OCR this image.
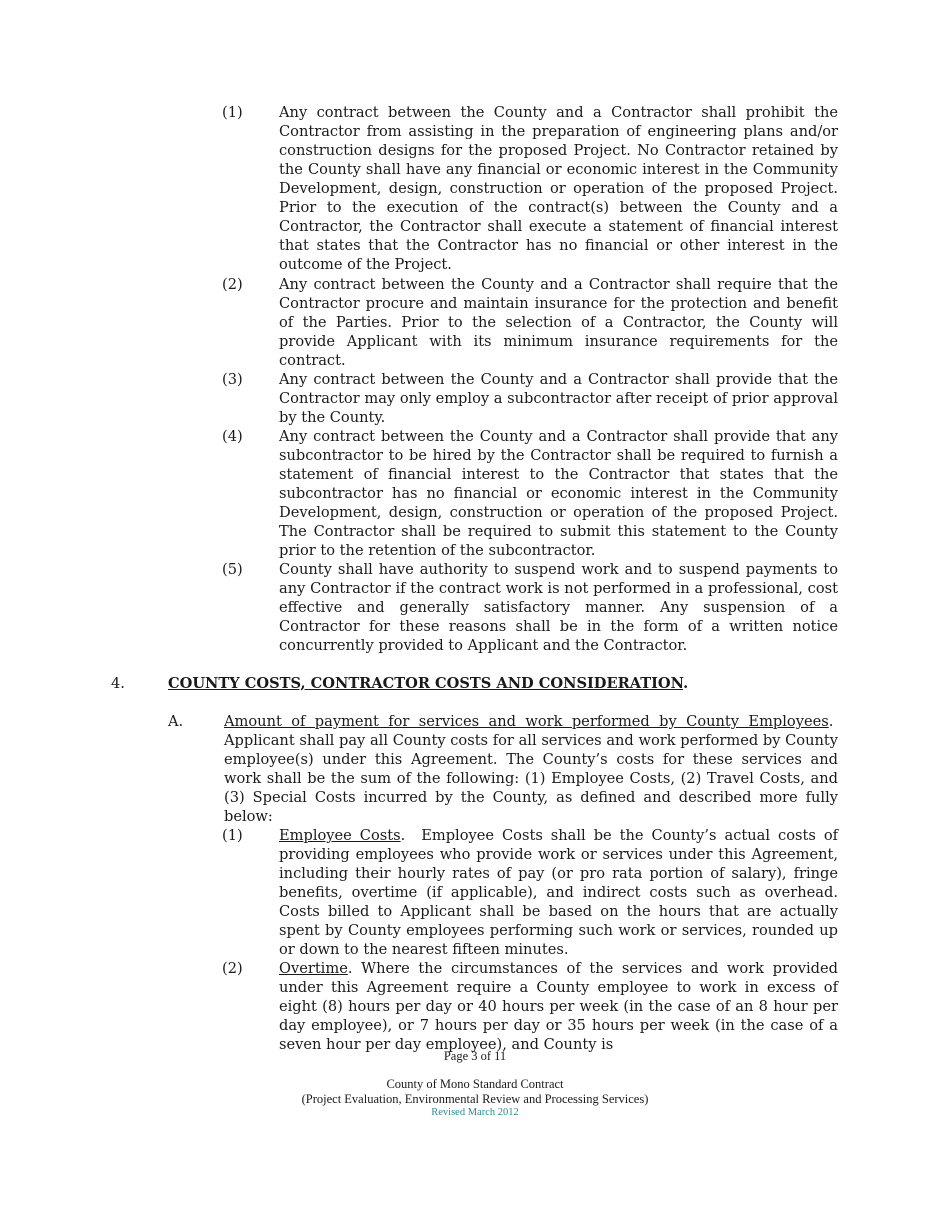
(1) Any contract between the County and a Contractor shall prohibit the Contractor from assisting in the preparation of engineering plans and/or construction designs for the proposed Project. No Contractor retained by the County shall have any financial or economic interest in the Community Development, design, construction or operation of the proposed Project. Prior to the execution of the contract(s) between the County and a Contractor, the Contractor shall execute a statement of financial interest that states that the Contractor has no financial or other interest in the outcome of the Project.
(2) Any contract between the County and a Contractor shall require that the Contractor procure and maintain insurance for the protection and benefit of the Parties. Prior to the selection of a Contractor, the County will provide Applicant with its minimum insurance requirements for the contract.
(3) Any contract between the County and a Contractor shall provide that the Contractor may only employ a subcontractor after receipt of prior approval by the County.
(4) Any contract between the County and a Contractor shall provide that any subcontractor to be hired by the Contractor shall be required to furnish a statement of financial interest to the Contractor that states that the subcontractor has no financial or economic interest in the Community Development, design, construction or operation of the proposed Project. The Contractor shall be required to submit this statement to the County prior to the retention of the subcontractor.
(5) County shall have authority to suspend work and to suspend payments to any Contractor if the contract work is not performed in a professional, cost effective and generally satisfactory manner. Any suspension of a Contractor for these reasons shall be in the form of a written notice concurrently provided to Applicant and the Contractor.
4.	COUNTY COSTS, CONTRACTOR COSTS AND CONSIDERATION.
A.	Amount of payment for services and work performed by County Employees.  Applicant shall pay all County costs for all services and work performed by County employee(s) under this Agreement. The County’s costs for these services and work shall be the sum of the following: (1) Employee Costs, (2) Travel Costs, and (3) Special Costs incurred by the County, as defined and described more fully below:
(1) Employee Costs. Employee Costs shall be the County’s actual costs of providing employees who provide work or services under this Agreement, including their hourly rates of pay (or pro rata portion of salary), fringe benefits, overtime (if applicable), and indirect costs such as overhead. Costs billed to Applicant shall be based on the hours that are actually spent by County employees performing such work or services, rounded up or down to the nearest fifteen minutes.
(2) Overtime. Where the circumstances of the services and work provided under this Agreement require a County employee to work in excess of eight (8) hours per day or 40 hours per week (in the case of an 8 hour per day employee), or 7 hours per day or 35 hours per week (in the case of a seven hour per day employee), and County is
Page 3 of 11
County of Mono Standard Contract
(Project Evaluation, Environmental Review and Processing Services)
Revised March 2012
